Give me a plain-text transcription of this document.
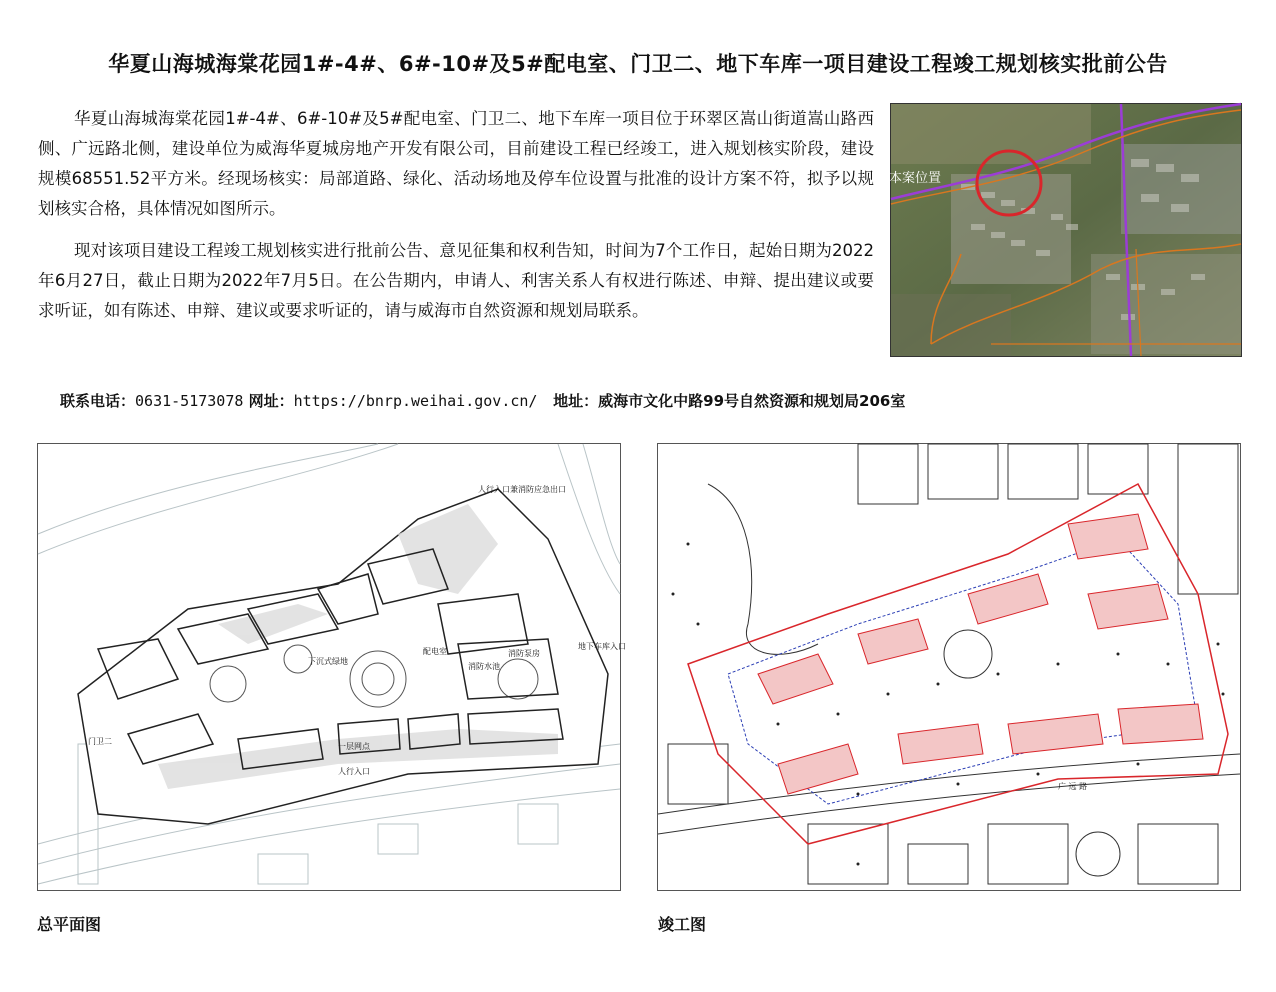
华夏山海城海棠花园1#-4#、6#-10#及5#配电室、门卫二、地下车库一项目建设工程竣工规划核实批前公告
华夏山海城海棠花园1#-4#、6#-10#及5#配电室、门卫二、地下车库一项目位于环翠区嵩山街道嵩山路西侧、广远路北侧，建设单位为威海华夏城房地产开发有限公司，目前建设工程已经竣工，进入规划核实阶段，建设规模68551.52平方米。经现场核实：局部道路、绿化、活动场地及停车位设置与批准的设计方案不符，拟予以规划核实合格，具体情况如图所示。
现对该项目建设工程竣工规划核实进行批前公告、意见征集和权利告知，时间为7个工作日，起始日期为2022年6月27日，截止日期为2022年7月5日。在公告期内，申请人、利害关系人有权进行陈述、申辩、提出建议或要求听证，如有陈述、申辩、建议或要求听证的，请与威海市自然资源和规划局联系。
本案位置
联系电话：0631-5173078 网址：https://bnrp.weihai.gov.cn/   地址：威海市文化中路99号自然资源和规划局206室
人行入口兼消防应急出口
地下车库入口
人行入口
配电室
消防水池
消防泵房
一层网点
下沉式绿地
门卫二
广 远 路
总平面图	竣工图
